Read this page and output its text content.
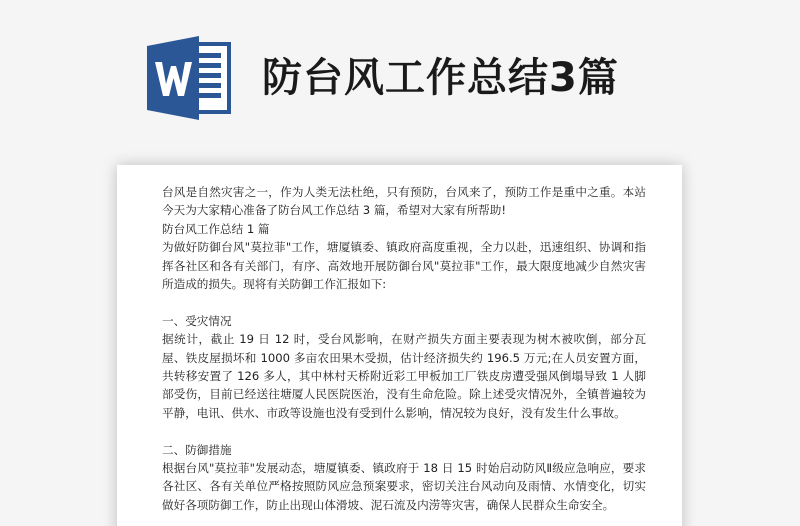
防台风工作总结3篇

台风是自然灾害之一，作为人类无法杜绝，只有预防，台风来了，预防工作是重中之重。本站今天为大家精心准备了防台风工作总结 3 篇，希望对大家有所帮助!

防台风工作总结 1 篇

为做好防御台风"莫拉菲"工作，塘厦镇委、镇政府高度重视，全力以赴，迅速组织、协调和指挥各社区和各有关部门，有序、高效地开展防御台风"莫拉菲"工作，最大限度地减少自然灾害所造成的损失。现将有关防御工作汇报如下:

一、受灾情况

据统计，截止 19 日 12 时，受台风影响，在财产损失方面主要表现为树木被吹倒，部分瓦屋、铁皮屋损坏和 1000 多亩农田果木受损，估计经济损失约 196.5 万元;在人员安置方面，共转移安置了 126 多人，其中林村天桥附近彩工甲板加工厂铁皮房遭受强风倒塌导致 1 人脚部受伤，目前已经送往塘厦人民医院医治，没有生命危险。除上述受灾情况外，全镇普遍较为平静，电讯、供水、市政等设施也没有受到什么影响，情况较为良好，没有发生什么事故。

二、防御措施

根据台风"莫拉菲"发展动态，塘厦镇委、镇政府于 18 日 15 时始启动防风Ⅱ级应急响应，要求各社区、各有关单位严格按照防风应急预案要求，密切关注台风动向及雨情、水情变化，切实做好各项防御工作，防止出现山体滑坡、泥石流及内涝等灾害，确保人民群众生命安全。
